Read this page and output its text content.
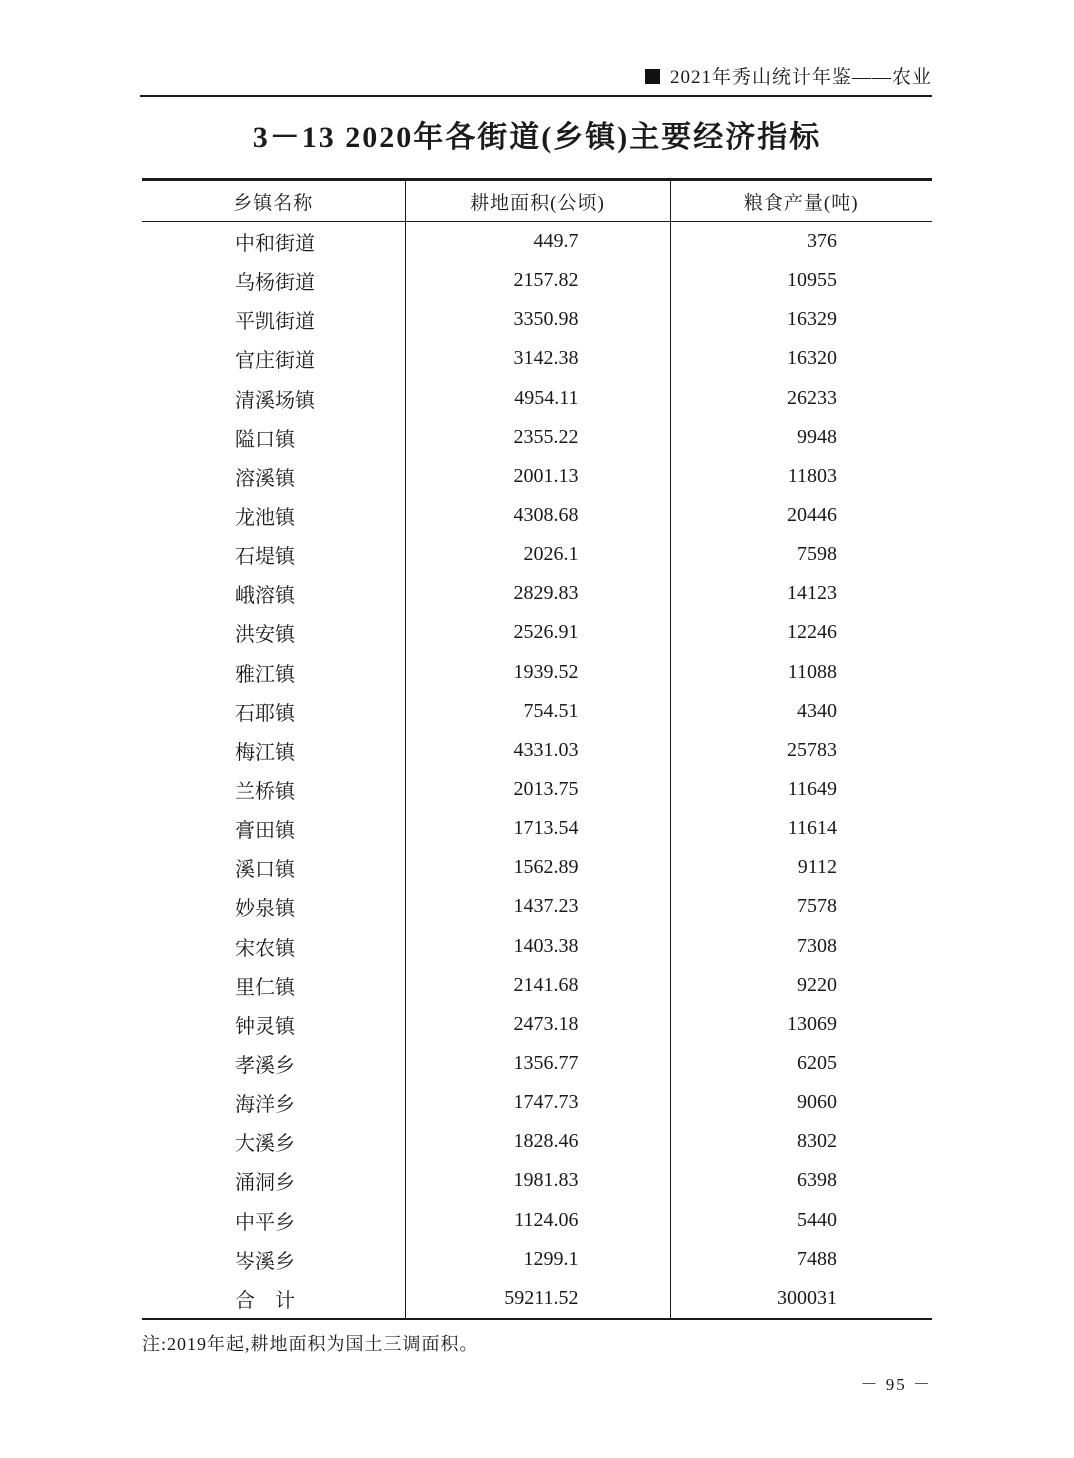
2021年秀山统计年鉴——农业
3－13 2020年各街道(乡镇)主要经济指标
乡镇名称	耕地面积(公顷)	粮食产量(吨)
中和街道	449.7	376
乌杨街道	2157.82	10955
平凯街道	3350.98	16329
官庄街道	3142.38	16320
清溪场镇	4954.11	26233
隘口镇	2355.22	9948
溶溪镇	2001.13	11803
龙池镇	4308.68	20446
石堤镇	2026.1	7598
峨溶镇	2829.83	14123
洪安镇	2526.91	12246
雅江镇	1939.52	11088
石耶镇	754.51	4340
梅江镇	4331.03	25783
兰桥镇	2013.75	11649
膏田镇	1713.54	11614
溪口镇	1562.89	9112
妙泉镇	1437.23	7578
宋农镇	1403.38	7308
里仁镇	2141.68	9220
钟灵镇	2473.18	13069
孝溪乡	1356.77	6205
海洋乡	1747.73	9060
大溪乡	1828.46	8302
涌洞乡	1981.83	6398
中平乡	1124.06	5440
岑溪乡	1299.1	7488
合　计	59211.52	300031
注:2019年起,耕地面积为国土三调面积。
－ 95 －
